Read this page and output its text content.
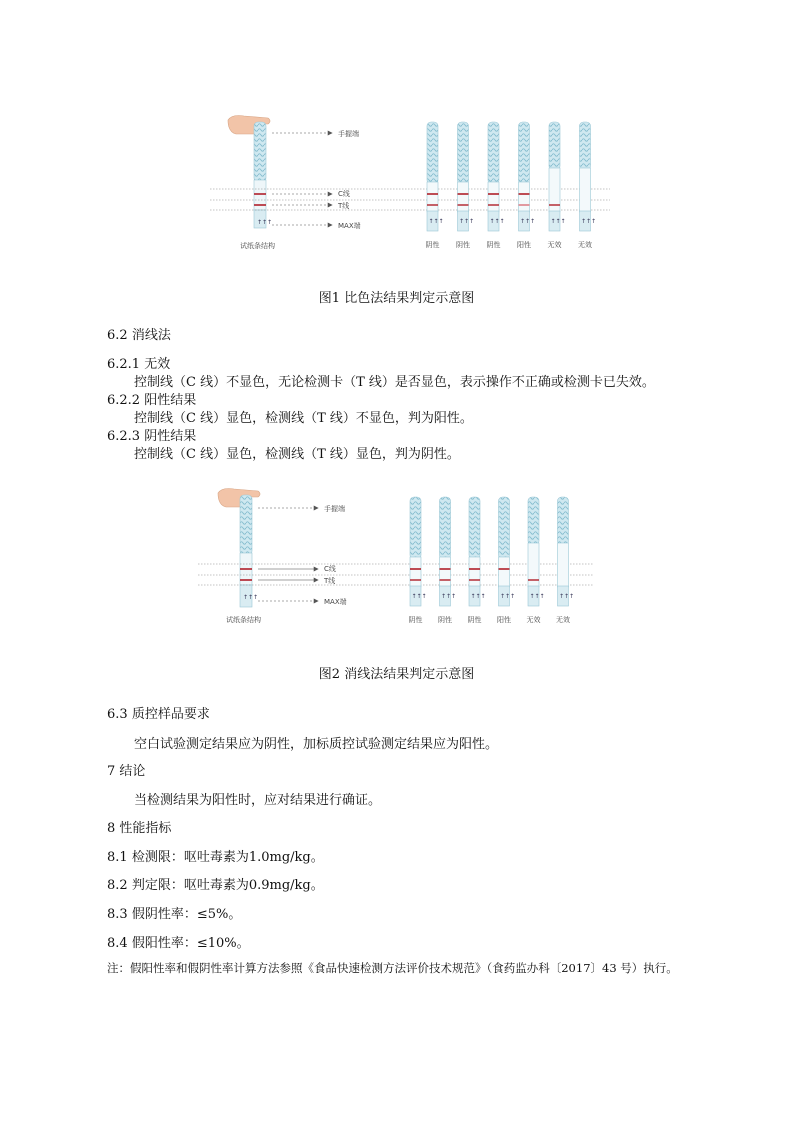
↑↑↑
手握端
C线
T线
MAX端
试纸条结构
↑↑↑
阴性
↑↑↑
阴性
↑↑↑
阴性
↑↑↑
阳性
↑↑↑
无效
↑↑↑
无效
图1 比色法结果判定示意图
6.2 消线法
6.2.1 无效
控制线（C 线）不显色，无论检测卡（T 线）是否显色，表示操作不正确或检测卡已失效。
6.2.2 阳性结果
控制线（C 线）显色，检测线（T 线）不显色，判为阳性。
6.2.3 阴性结果
控制线（C 线）显色，检测线（T 线）显色，判为阴性。
↑↑↑
手握端
C线
T线
MAX端
试纸条结构
↑↑↑
阴性
↑↑↑
阴性
↑↑↑
阴性
↑↑↑
阳性
↑↑↑
无效
↑↑↑
无效
图2 消线法结果判定示意图
6.3 质控样品要求
空白试验测定结果应为阴性，加标质控试验测定结果应为阳性。
7 结论
当检测结果为阳性时，应对结果进行确证。
8 性能指标
8.1 检测限：呕吐毒素为1.0mg/kg。
8.2 判定限：呕吐毒素为0.9mg/kg。
8.3 假阴性率：≤5%。
8.4 假阳性率：≤10%。
注：假阳性率和假阴性率计算方法参照《食品快速检测方法评价技术规范》（食药监办科〔2017〕43 号）执行。
